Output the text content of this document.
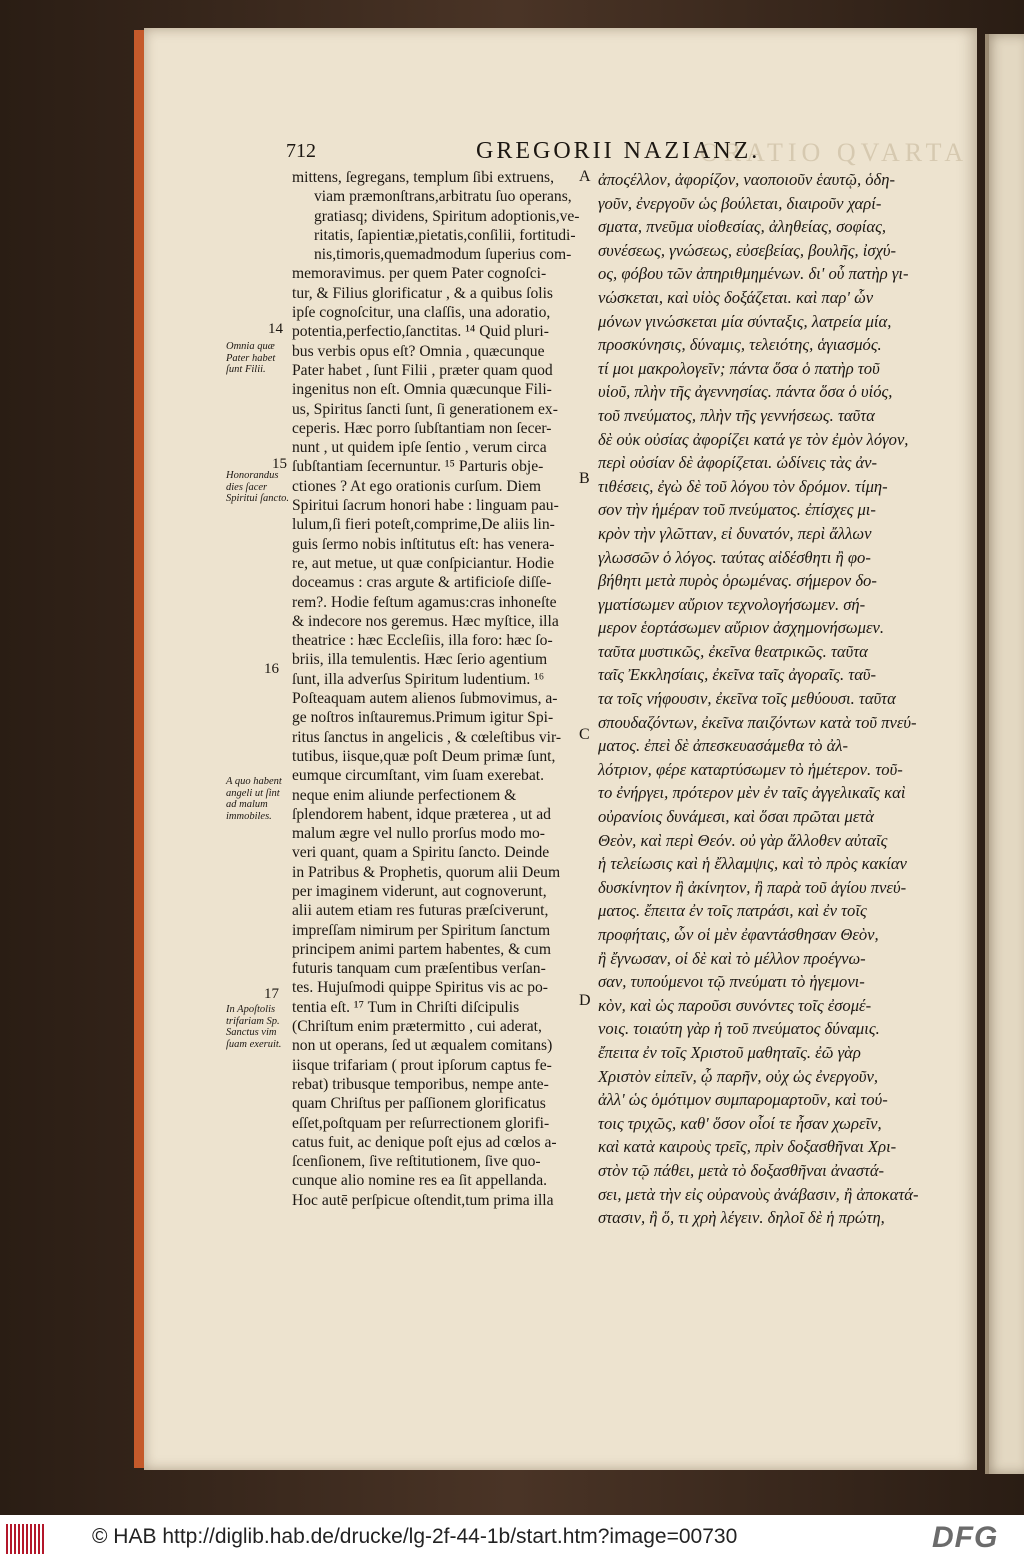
ORATIO QVARTA
712	GREGORII NAZIANZ.
mittens, ſegregans, templum ſibi extruens,
viam præmonſtrans,arbitratu ſuo operans,
gratiasq; dividens, Spiritum adoptionis,ve-
ritatis, ſapientiæ,pietatis,conſilii, fortitudi-
nis,timoris,quemadmodum ſuperius com-
memoravimus. per quem Pater cognoſci-
tur, & Filius glorificatur , & a quibus ſolis
ipſe cognoſcitur, una claſſis, una adoratio,
potentia,perfectio,ſanctitas. ¹⁴ Quid pluri-
bus verbis opus eſt? Omnia , quæcunque
Pater habet , ſunt Filii , præter quam quod
ingenitus non eſt. Omnia quæcunque Fili-
us, Spiritus ſancti ſunt, ſi generationem ex-
ceperis. Hæc porro ſubſtantiam non ſecer-
nunt , ut quidem ipſe ſentio , verum circa
ſubſtantiam ſecernuntur. ¹⁵ Parturis obje-
ctiones ? At ego orationis curſum. Diem
Spiritui ſacrum honori habe : linguam pau-
lulum,ſi fieri poteſt,comprime,De aliis lin-
guis ſermo nobis inſtitutus eſt: has venera-
re, aut metue, ut quæ conſpiciantur. Hodie
doceamus : cras argute & artificioſe diſſe-
rem?. Hodie feſtum agamus:cras inhoneſte
& indecore nos geremus. Hæc myſtice, illa
theatrice : hæc Eccleſiis, illa foro: hæc ſo-
briis, illa temulentis. Hæc ſerio agentium
ſunt, illa adverſus Spiritum ludentium. ¹⁶
Poſteaquam autem alienos ſubmovimus, a-
ge noſtros inſtauremus.Primum igitur Spi-
ritus ſanctus in angelicis , & cœleſtibus vir-
tutibus, iisque,quæ poſt Deum primæ ſunt,
eumque circumſtant, vim ſuam exerebat.
neque enim aliunde perfectionem &
ſplendorem habent, idque præterea , ut ad
malum ægre vel nullo prorſus modo mo-
veri quant, quam a Spiritu ſancto. Deinde
in Patribus & Prophetis, quorum alii Deum
per imaginem viderunt, aut cognoverunt,
alii autem etiam res futuras præſciverunt,
impreſſam nimirum per Spiritum ſanctum
principem animi partem habentes, & cum
futuris tanquam cum præſentibus verſan-
tes. Hujuſmodi quippe Spiritus vis ac po-
tentia eſt. ¹⁷ Tum in Chriſti diſcipulis
(Chriſtum enim prætermitto , cui aderat,
non ut operans, ſed ut æqualem comitans)
iisque trifariam ( prout ipſorum captus fe-
rebat) tribusque temporibus, nempe ante-
quam Chriſtus per paſſionem glorificatus
eſſet,poſtquam per reſurrectionem glorifi-
catus fuit, ac denique poſt ejus ad cœlos a-
ſcenſionem, ſive reſtitutionem, ſive quo-
cunque alio nomine res ea ſit appellanda.
Hoc autē perſpicue oſtendit,tum prima illa
ἀποςέλλον, ἀφορίζον, ναοποιοῦν ἑαυτῷ, ὁδη-
γοῦν, ἐνεργοῦν ὡς βούλεται, διαιροῦν χαρί-
σματα, πνεῦμα υἱοθεσίας, ἀληθείας, σοφίας,
συνέσεως, γνώσεως, εὐσεβείας, βουλῆς, ἰσχύ-
ος, φόβου τῶν ἀπηριθμημένων. δι' οὗ πατὴρ γι-
νώσκεται, καὶ υἱὸς δοξάζεται. καὶ παρ' ὧν
μόνων γινώσκεται μία σύνταξις, λατρεία μία,
προσκύνησις, δύναμις, τελειότης, ἁγιασμός.
τί μοι μακρολογεῖν; πάντα ὅσα ὁ πατὴρ τοῦ
υἱοῦ, πλὴν τῆς ἀγεννησίας. πάντα ὅσα ὁ υἱός,
τοῦ πνεύματος, πλὴν τῆς γεννήσεως. ταῦτα
δὲ οὐκ οὐσίας ἀφορίζει κατά γε τὸν ἐμὸν λόγον,
περὶ οὐσίαν δὲ ἀφορίζεται. ὠδίνεις τὰς ἀν-
τιθέσεις, ἐγὼ δὲ τοῦ λόγου τὸν δρόμον. τίμη-
σον τὴν ἡμέραν τοῦ πνεύματος. ἐπίσχες μι-
κρὸν τὴν γλῶτταν, εἰ δυνατόν, περὶ ἄλλων
γλωσσῶν ὁ λόγος. ταύτας αἰδέσθητι ἢ φο-
βήθητι μετὰ πυρὸς ὁρωμένας. σήμερον δο-
γματίσωμεν αὔριον τεχνολογήσωμεν. σή-
μερον ἑορτάσωμεν αὔριον ἀσχημονήσωμεν.
ταῦτα μυστικῶς, ἐκεῖνα θεατρικῶς. ταῦτα
ταῖς Ἐκκλησίαις, ἐκεῖνα ταῖς ἀγοραῖς. ταῦ-
τα τοῖς νήφουσιν, ἐκεῖνα τοῖς μεθύουσι. ταῦτα
σπουδαζόντων, ἐκεῖνα παιζόντων κατὰ τοῦ πνεύ-
ματος. ἐπεὶ δὲ ἀπεσκευασάμεθα τὸ ἀλ-
λότριον, φέρε καταρτύσωμεν τὸ ἡμέτερον. τοῦ-
το ἐνήργει, πρότερον μὲν ἐν ταῖς ἀγγελικαῖς καὶ
οὐρανίοις δυνάμεσι, καὶ ὅσαι πρῶται μετὰ
Θεὸν, καὶ περὶ Θεόν. οὐ γὰρ ἄλλοθεν αὐταῖς
ἡ τελείωσις καὶ ἡ ἔλλαμψις, καὶ τὸ πρὸς κακίαν
δυσκίνητον ἢ ἀκίνητον, ἢ παρὰ τοῦ ἁγίου πνεύ-
ματος. ἔπειτα ἐν τοῖς πατράσι, καὶ ἐν τοῖς
προφήταις, ὧν οἱ μὲν ἐφαντάσθησαν Θεὸν,
ἢ ἔγνωσαν, οἱ δὲ καὶ τὸ μέλλον προέγνω-
σαν, τυπούμενοι τῷ πνεύματι τὸ ἡγεμονι-
κὸν, καὶ ὡς παροῦσι συνόντες τοῖς ἐσομέ-
νοις. τοιαύτη γὰρ ἡ τοῦ πνεύματος δύναμις.
ἔπειτα ἐν τοῖς Χριστοῦ μαθηταῖς. ἐῶ γὰρ
Χριστὸν εἰπεῖν, ᾧ παρῆν, οὐχ ὡς ἐνεργοῦν,
ἀλλ' ὡς ὁμότιμον συμπαρομαρτοῦν, καὶ τού-
τοις τριχῶς, καθ' ὅσον οἷοί τε ἦσαν χωρεῖν,
καὶ κατὰ καιροὺς τρεῖς, πρὶν δοξασθῆναι Χρι-
στὸν τῷ πάθει, μετὰ τὸ δοξασθῆναι ἀναστά-
σει, μετὰ τὴν εἰς οὐρανοὺς ἀνάβασιν, ἢ ἀποκατά-
στασιν, ἢ ὅ, τι χρὴ λέγειν. δηλοῖ δὲ ἡ πρώτη,
14
Omnia quæ Pater habet ſunt Filii.
15
Honorandus dies ſacer Spiritui ſancto.
16
A quo habent angeli ut ſint ad malum immobiles.
17
In Apoſtolis trifariam Sp. Sanctus vim ſuam exeruit.
A
B
C
D
© HAB http://diglib.hab.de/drucke/lg-2f-44-1b/start.htm?image=00730	DFG
